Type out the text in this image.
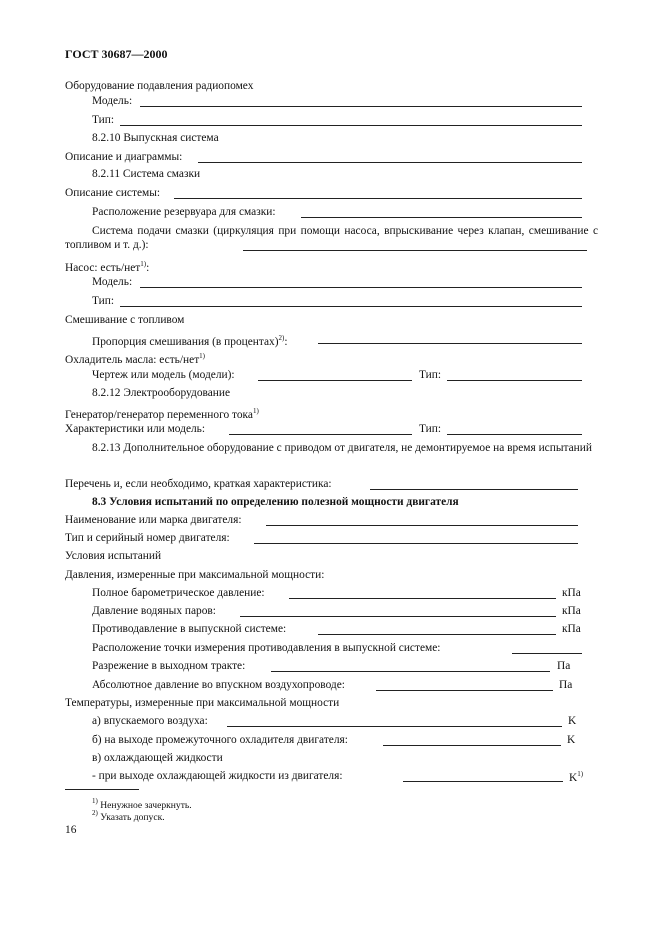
ГОСТ 30687—2000
Оборудование подавления радиопомех
Модель:
Тип:
8.2.10 Выпускная система
Описание и диаграммы:
8.2.11 Система смазки
Описание системы:
Расположение резервуара для смазки:
Система подачи смазки (циркуляция при помощи насоса, впрыскивание через клапан, смешивание с топливом и т. д.):
Насос: есть/нет$^{1)}$:
Модель:
Тип:
Смешивание с топливом
Пропорция смешивания (в процентах)$^{2)}$:
Охладитель масла: есть/нет$^{1)}$
Чертеж или модель (модели):	Тип:
8.2.12 Электрооборудование
Генератор/генератор переменного тока$^{1)}$
Характеристики или модель:	Тип:
8.2.13 Дополнительное оборудование с приводом от двигателя, не демонтируемое на время испытаний
Перечень и, если необходимо, краткая характеристика:
8.3 Условия испытаний по определению полезной мощности двигателя
Наименование или марка двигателя:
Тип и серийный номер двигателя:
Условия испытаний
Давления, измеренные при максимальной мощности:
Полное барометрическое давление:	кПа
Давление водяных паров:	кПа
Противодавление в выпускной системе:	кПа
Расположение точки измерения противодавления в выпускной системе:
Разрежение в выходном тракте:	Па
Абсолютное давление во впускном воздухопроводе:	Па
Температуры, измеренные при максимальной мощности
а) впускаемого воздуха:	K
б) на выходе промежуточного охладителя двигателя:	K
в) охлаждающей жидкости
- при выходе охлаждающей жидкости из двигателя:	$K^{1)}$
$^{1)}$ Ненужное зачеркнуть.
$^{2)}$ Указать допуск.
16
